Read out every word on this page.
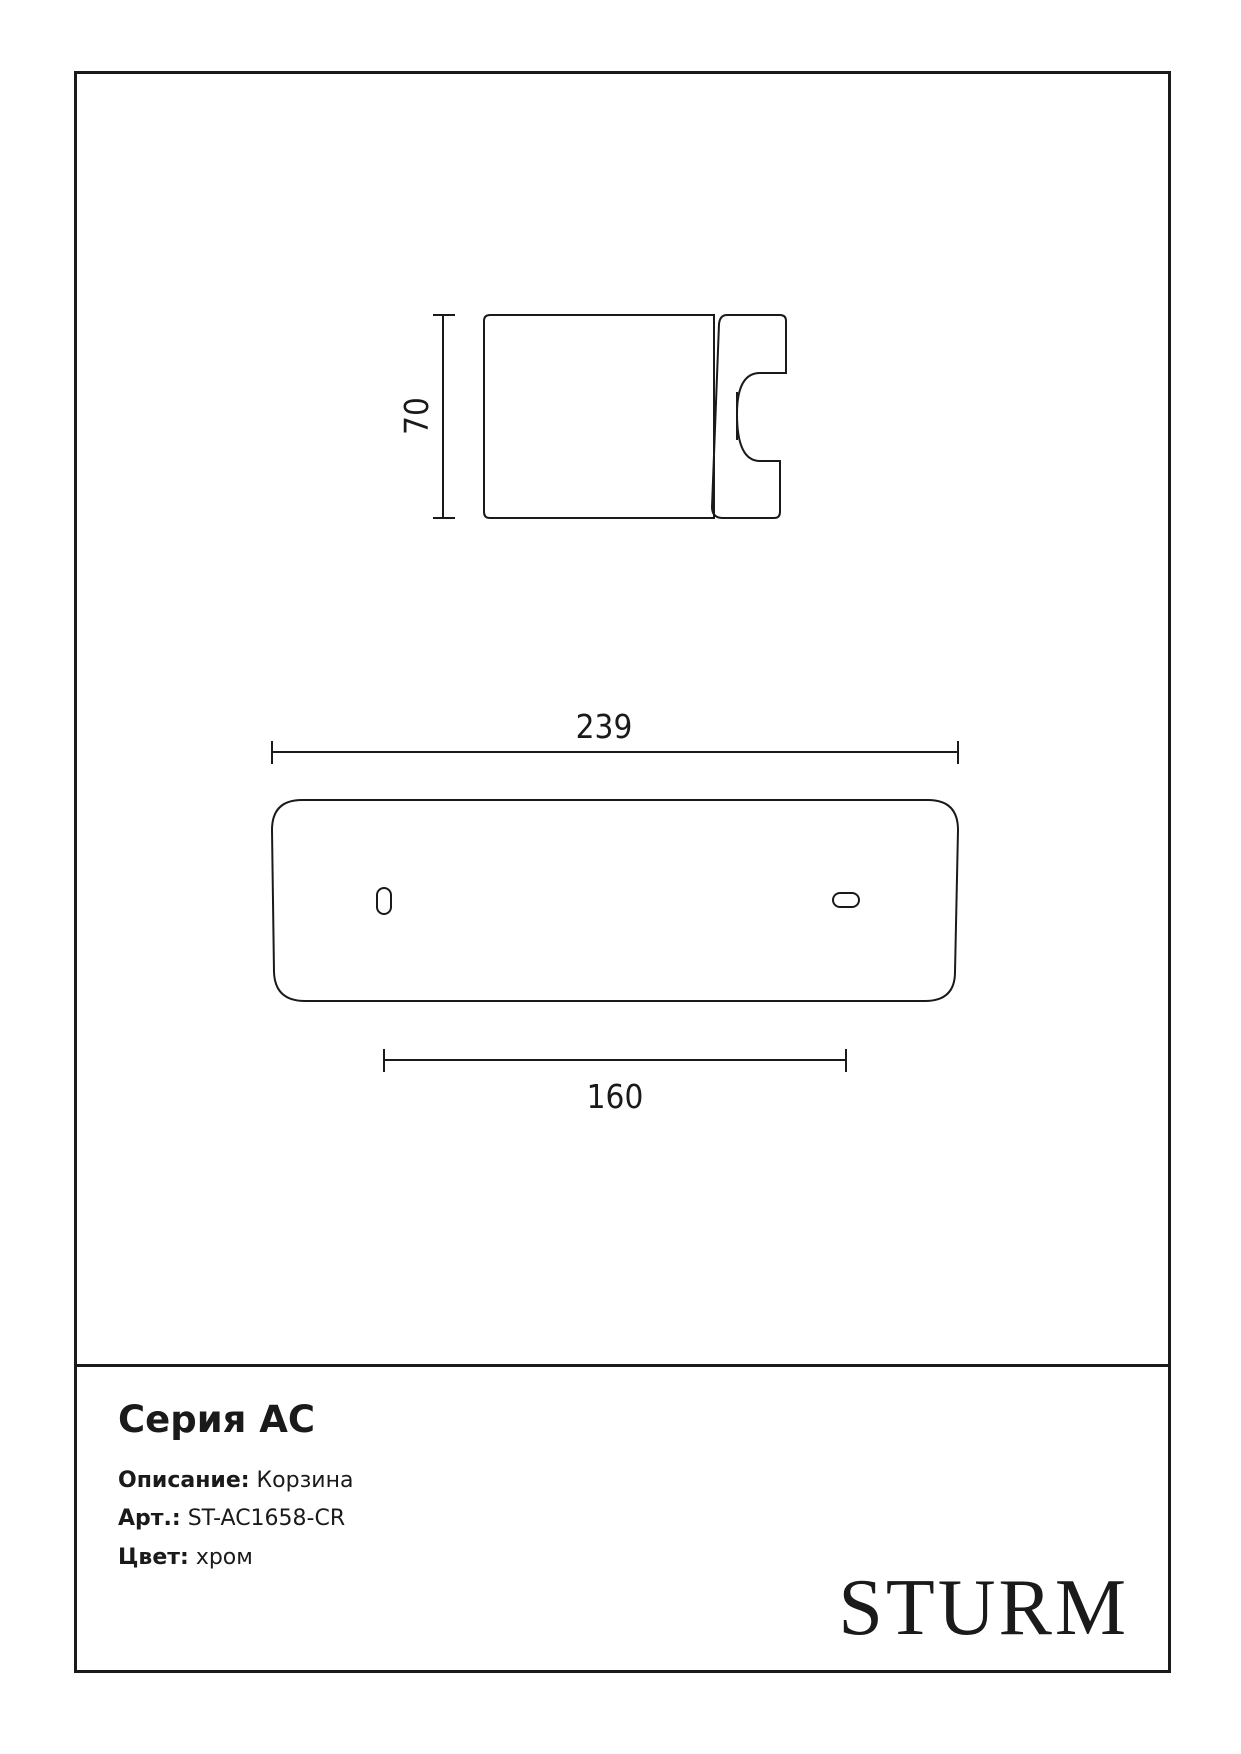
70
239
160
Серия AC

Описание: Корзина

Арт.: ST-AC1658-CR

Цвет: хром

STURM
